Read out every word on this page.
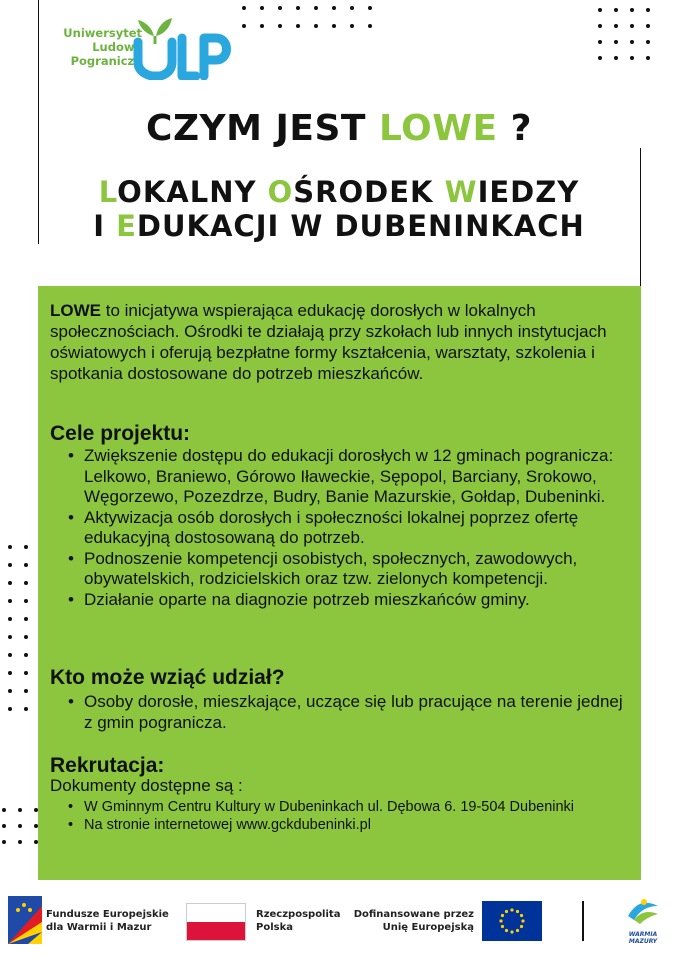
Uniwersytet
Ludowy
Pogranicza
CZYM JEST LOWE ?
LOKALNY OŚRODEK WIEDZY
I EDUKACJI W DUBENINKACH

LOWE to inicjatywa wspierająca edukację dorosłych w lokalnych społecznościach. Ośrodki te działają przy szkołach lub innych instytucjach oświatowych i oferują bezpłatne formy kształcenia, warsztaty, szkolenia i spotkania dostosowane do potrzeb mieszkańców.

Cele projektu:
• Zwiększenie dostępu do edukacji dorosłych w 12 gminach pogranicza: Lelkowo, Braniewo, Górowo Iławeckie, Sępopol, Barciany, Srokowo, Węgorzewo, Pozezdrze, Budry, Banie Mazurskie, Gołdap, Dubeninki.
• Aktywizacja osób dorosłych i społeczności lokalnej poprzez ofertę edukacyjną dostosowaną do potrzeb.
• Podnoszenie kompetencji osobistych, społecznych, zawodowych, obywatelskich, rodzicielskich oraz tzw. zielonych kompetencji.
• Działanie oparte na diagnozie potrzeb mieszkańców gminy.
Kto może wziąć udział?
• Osoby dorosłe, mieszkające, uczące się lub pracujące na terenie jednej z gmin pogranicza.
Rekrutacja:
Dokumenty dostępne są :
• W Gminnym Centru Kultury w Dubeninkach ul. Dębowa 6. 19-504 Dubeninki
• Na stronie internetowej www.gckdubeninki.pl
Fundusze Europejskie
dla Warmii i Mazur
Rzeczpospolita
Polska
Dofinansowane przez
Unię Europejską
WARMIA MAZURY
